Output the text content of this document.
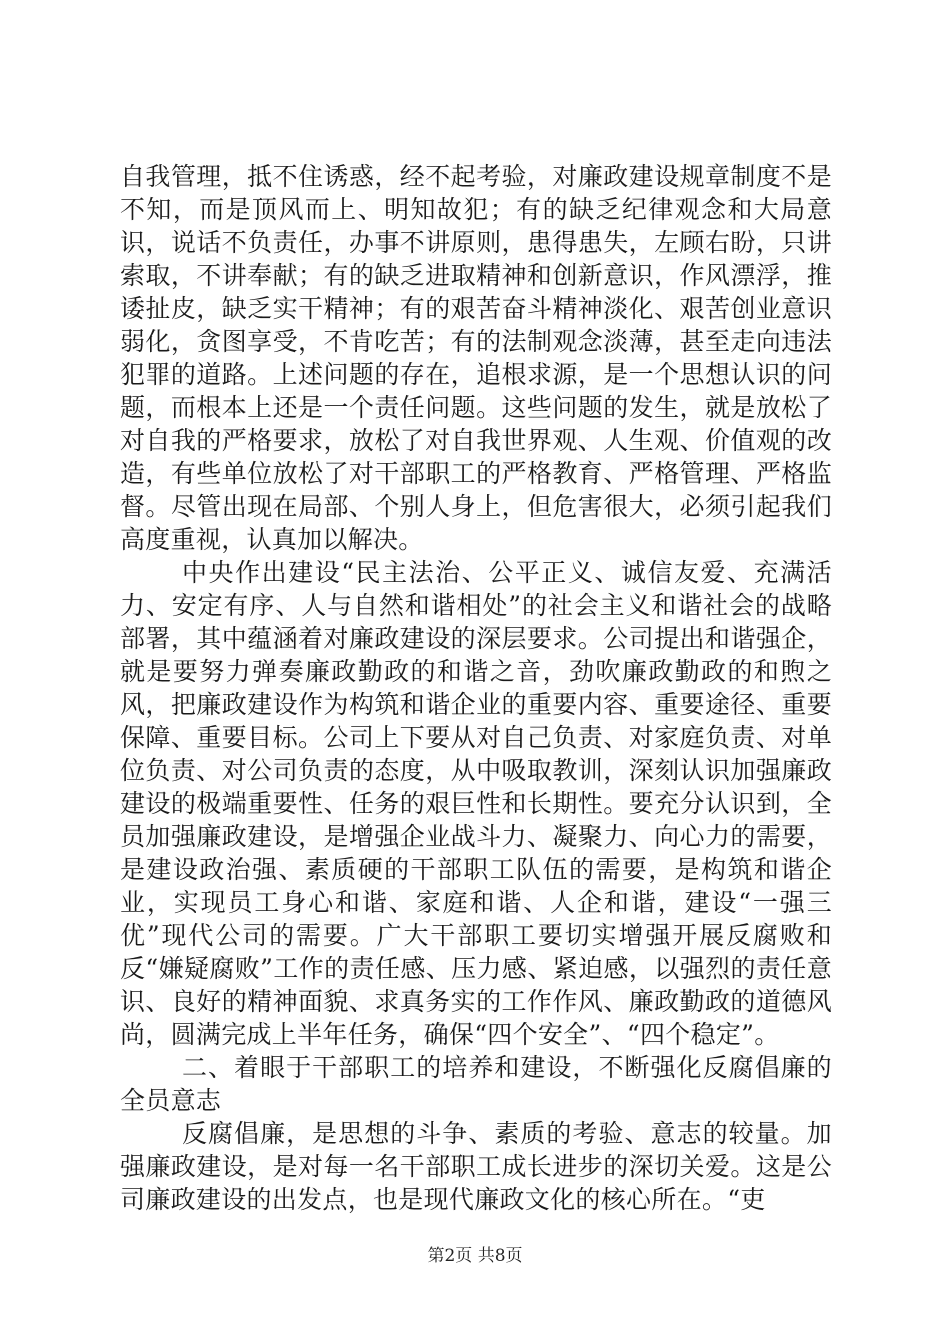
自我管理，抵不住诱惑，经不起考验，对廉政建设规章制度不是不知，而是顶风而上、明知故犯；有的缺乏纪律观念和大局意识，说话不负责任，办事不讲原则，患得患失，左顾右盼，只讲索取，不讲奉献；有的缺乏进取精神和创新意识，作风漂浮，推诿扯皮，缺乏实干精神；有的艰苦奋斗精神淡化、艰苦创业意识弱化，贪图享受，不肯吃苦；有的法制观念淡薄，甚至走向违法犯罪的道路。上述问题的存在，追根求源，是一个思想认识的问题，而根本上还是一个责任问题。这些问题的发生，就是放松了对自我的严格要求，放松了对自我世界观、人生观、价值观的改造，有些单位放松了对干部职工的严格教育、严格管理、严格监督。尽管出现在局部、个别人身上，但危害很大，必须引起我们高度重视，认真加以解决。

中央作出建设“民主法治、公平正义、诚信友爱、充满活力、安定有序、人与自然和谐相处”的社会主义和谐社会的战略部署，其中蕴涵着对廉政建设的深层要求。公司提出和谐强企，就是要努力弹奏廉政勤政的和谐之音，劲吹廉政勤政的和煦之风，把廉政建设作为构筑和谐企业的重要内容、重要途径、重要保障、重要目标。公司上下要从对自己负责、对家庭负责、对单位负责、对公司负责的态度，从中吸取教训，深刻认识加强廉政建设的极端重要性、任务的艰巨性和长期性。要充分认识到，全员加强廉政建设，是增强企业战斗力、凝聚力、向心力的需要，是建设政治强、素质硬的干部职工队伍的需要，是构筑和谐企业，实现员工身心和谐、家庭和谐、人企和谐，建设“一强三优”现代公司的需要。广大干部职工要切实增强开展反腐败和反“嫌疑腐败”工作的责任感、压力感、紧迫感，以强烈的责任意识、良好的精神面貌、求真务实的工作作风、廉政勤政的道德风尚，圆满完成上半年任务，确保“四个安全”、“四个稳定”。

二、着眼于干部职工的培养和建设，不断强化反腐倡廉的全员意志

反腐倡廉，是思想的斗争、素质的考验、意志的较量。加强廉政建设，是对每一名干部职工成长进步的深切关爱。这是公司廉政建设的出发点，也是现代廉政文化的核心所在。“吏

第2页 共8页
